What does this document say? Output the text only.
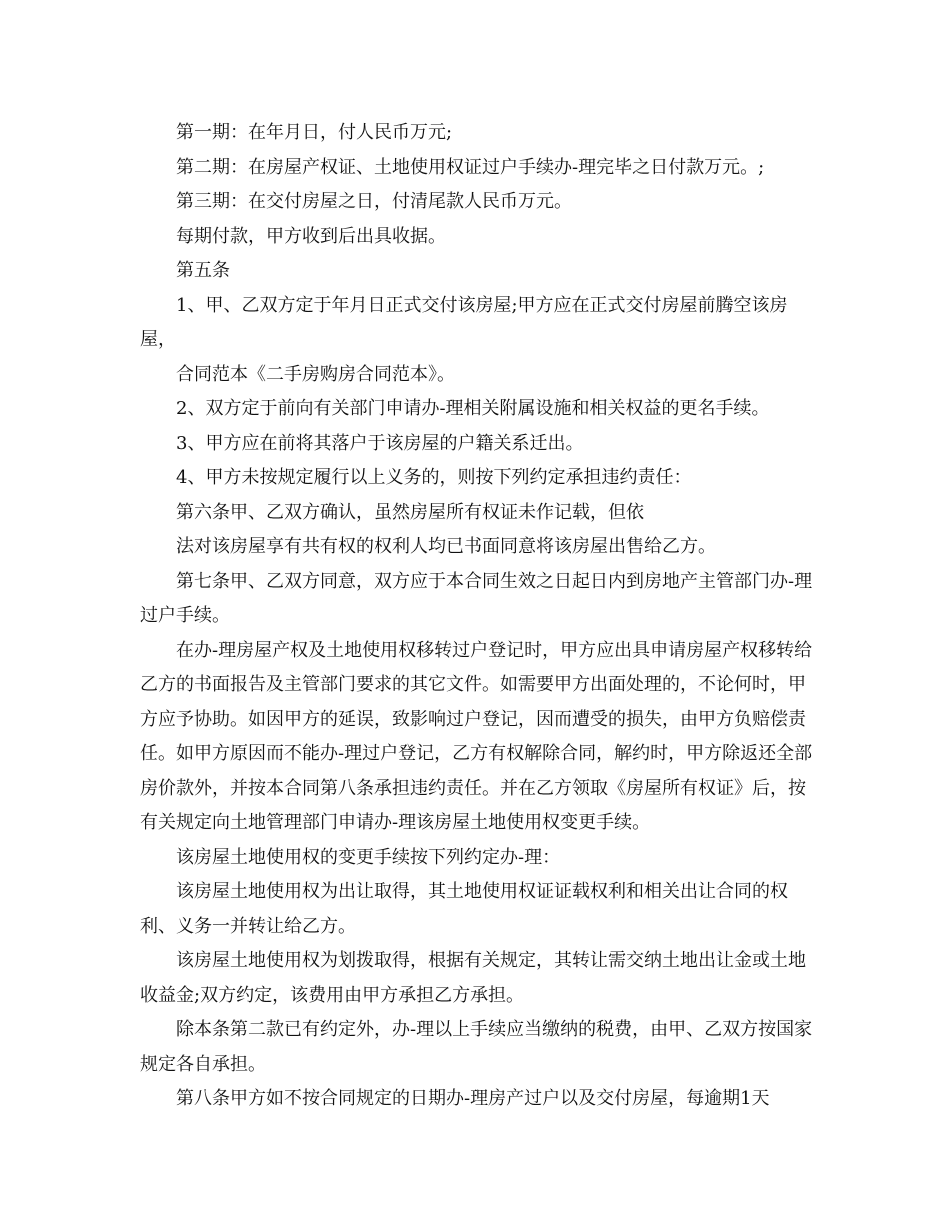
第一期：在年月日，付人民币万元;

第二期：在房屋产权证、土地使用权证过户手续办-理完毕之日付款万元。;

第三期：在交付房屋之日，付清尾款人民币万元。

每期付款，甲方收到后出具收据。

第五条

1、甲、乙双方定于年月日正式交付该房屋;甲方应在正式交付房屋前腾空该房屋，

合同范本《二手房购房合同范本》。

2、双方定于前向有关部门申请办-理相关附属设施和相关权益的更名手续。

3、甲方应在前将其落户于该房屋的户籍关系迁出。

4、甲方未按规定履行以上义务的，则按下列约定承担违约责任：

第六条甲、乙双方确认，虽然房屋所有权证未作记载，但依

法对该房屋享有共有权的权利人均已书面同意将该房屋出售给乙方。

第七条甲、乙双方同意，双方应于本合同生效之日起日内到房地产主管部门办-理过户手续。

在办-理房屋产权及土地使用权移转过户登记时，甲方应出具申请房屋产权移转给乙方的书面报告及主管部门要求的其它文件。如需要甲方出面处理的，不论何时，甲方应予协助。如因甲方的延误，致影响过户登记，因而遭受的损失，由甲方负赔偿责任。如甲方原因而不能办-理过户登记，乙方有权解除合同，解约时，甲方除返还全部房价款外，并按本合同第八条承担违约责任。并在乙方领取《房屋所有权证》后，按有关规定向土地管理部门申请办-理该房屋土地使用权变更手续。

该房屋土地使用权的变更手续按下列约定办-理：

该房屋土地使用权为出让取得，其土地使用权证证载权利和相关出让合同的权利、义务一并转让给乙方。

该房屋土地使用权为划拨取得，根据有关规定，其转让需交纳土地出让金或土地收益金;双方约定，该费用由甲方承担乙方承担。

除本条第二款已有约定外，办-理以上手续应当缴纳的税费，由甲、乙双方按国家规定各自承担。

第八条甲方如不按合同规定的日期办-理房产过户以及交付房屋，每逾期1天
